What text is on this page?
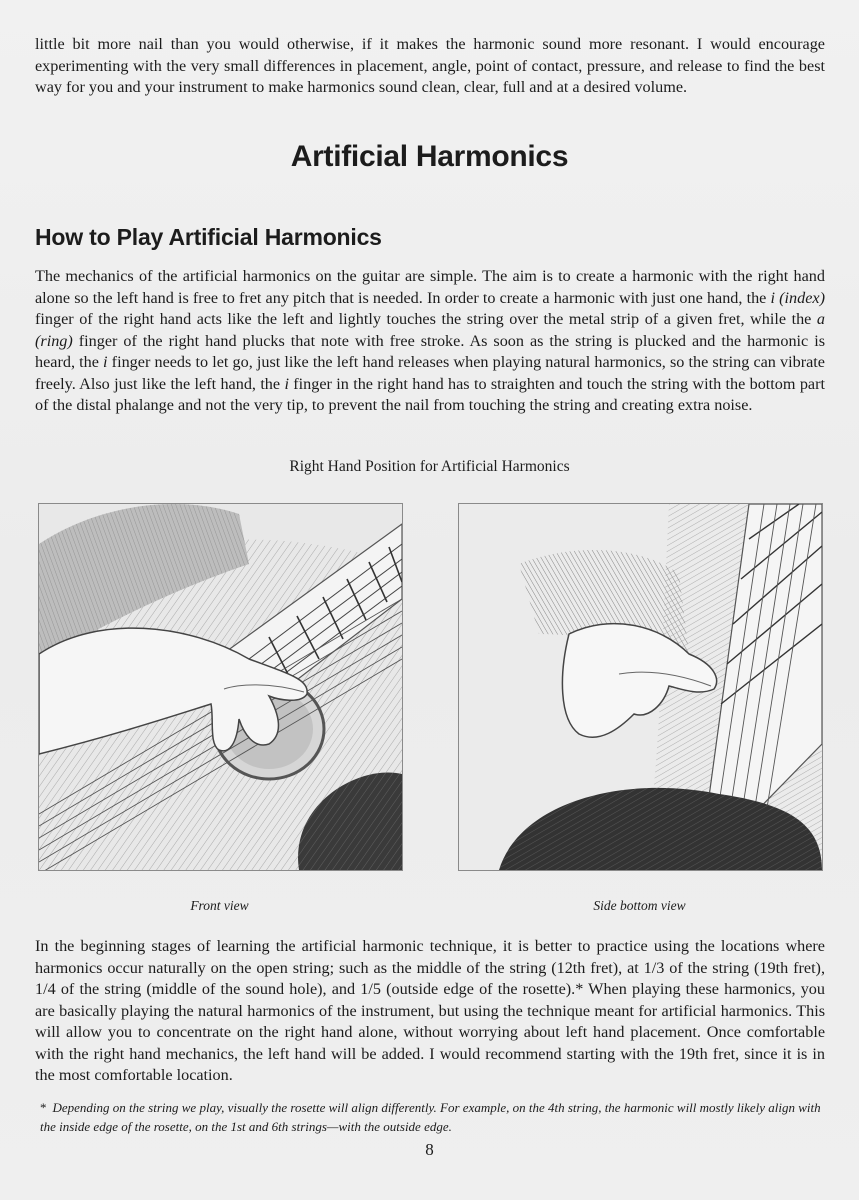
little bit more nail than you would otherwise, if it makes the harmonic sound more resonant. I would encourage experimenting with the very small differences in placement, angle, point of contact, pressure, and release to find the best way for you and your instrument to make harmonics sound clean, clear, full and at a desired volume.

Artificial Harmonics
How to Play Artificial Harmonics

The mechanics of the artificial harmonics on the guitar are simple. The aim is to create a harmonic with the right hand alone so the left hand is free to fret any pitch that is needed. In order to create a harmonic with just one hand, the i (index) finger of the right hand acts like the left and lightly touches the string over the metal strip of a given fret, while the a (ring) finger of the right hand plucks that note with free stroke. As soon as the string is plucked and the harmonic is heard, the i finger needs to let go, just like the left hand releases when playing natural harmonics, so the string can vibrate freely. Also just like the left hand, the i finger in the right hand has to straighten and touch the string with the bottom part of the distal phalange and not the very tip, to prevent the nail from touching the string and creating extra noise.

Right Hand Position for Artificial Harmonics
Front view	Side bottom view

In the beginning stages of learning the artificial harmonic technique, it is better to practice using the locations where harmonics occur naturally on the open string; such as the middle of the string (12th fret), at 1/3 of the string (19th fret), 1/4 of the string (middle of the sound hole), and 1/5 (outside edge of the rosette).* When playing these harmonics, you are basically playing the natural harmonics of the instrument, but using the technique meant for artificial harmonics. This will allow you to concentrate on the right hand alone, without worrying about left hand placement. Once comfortable with the right hand mechanics, the left hand will be added. I would recommend starting with the 19th fret, since it is in the most comfortable location.

* Depending on the string we play, visually the rosette will align differently. For example, on the 4th string, the harmonic will mostly likely align with the inside edge of the rosette, on the 1st and 6th strings—with the outside edge.

8
